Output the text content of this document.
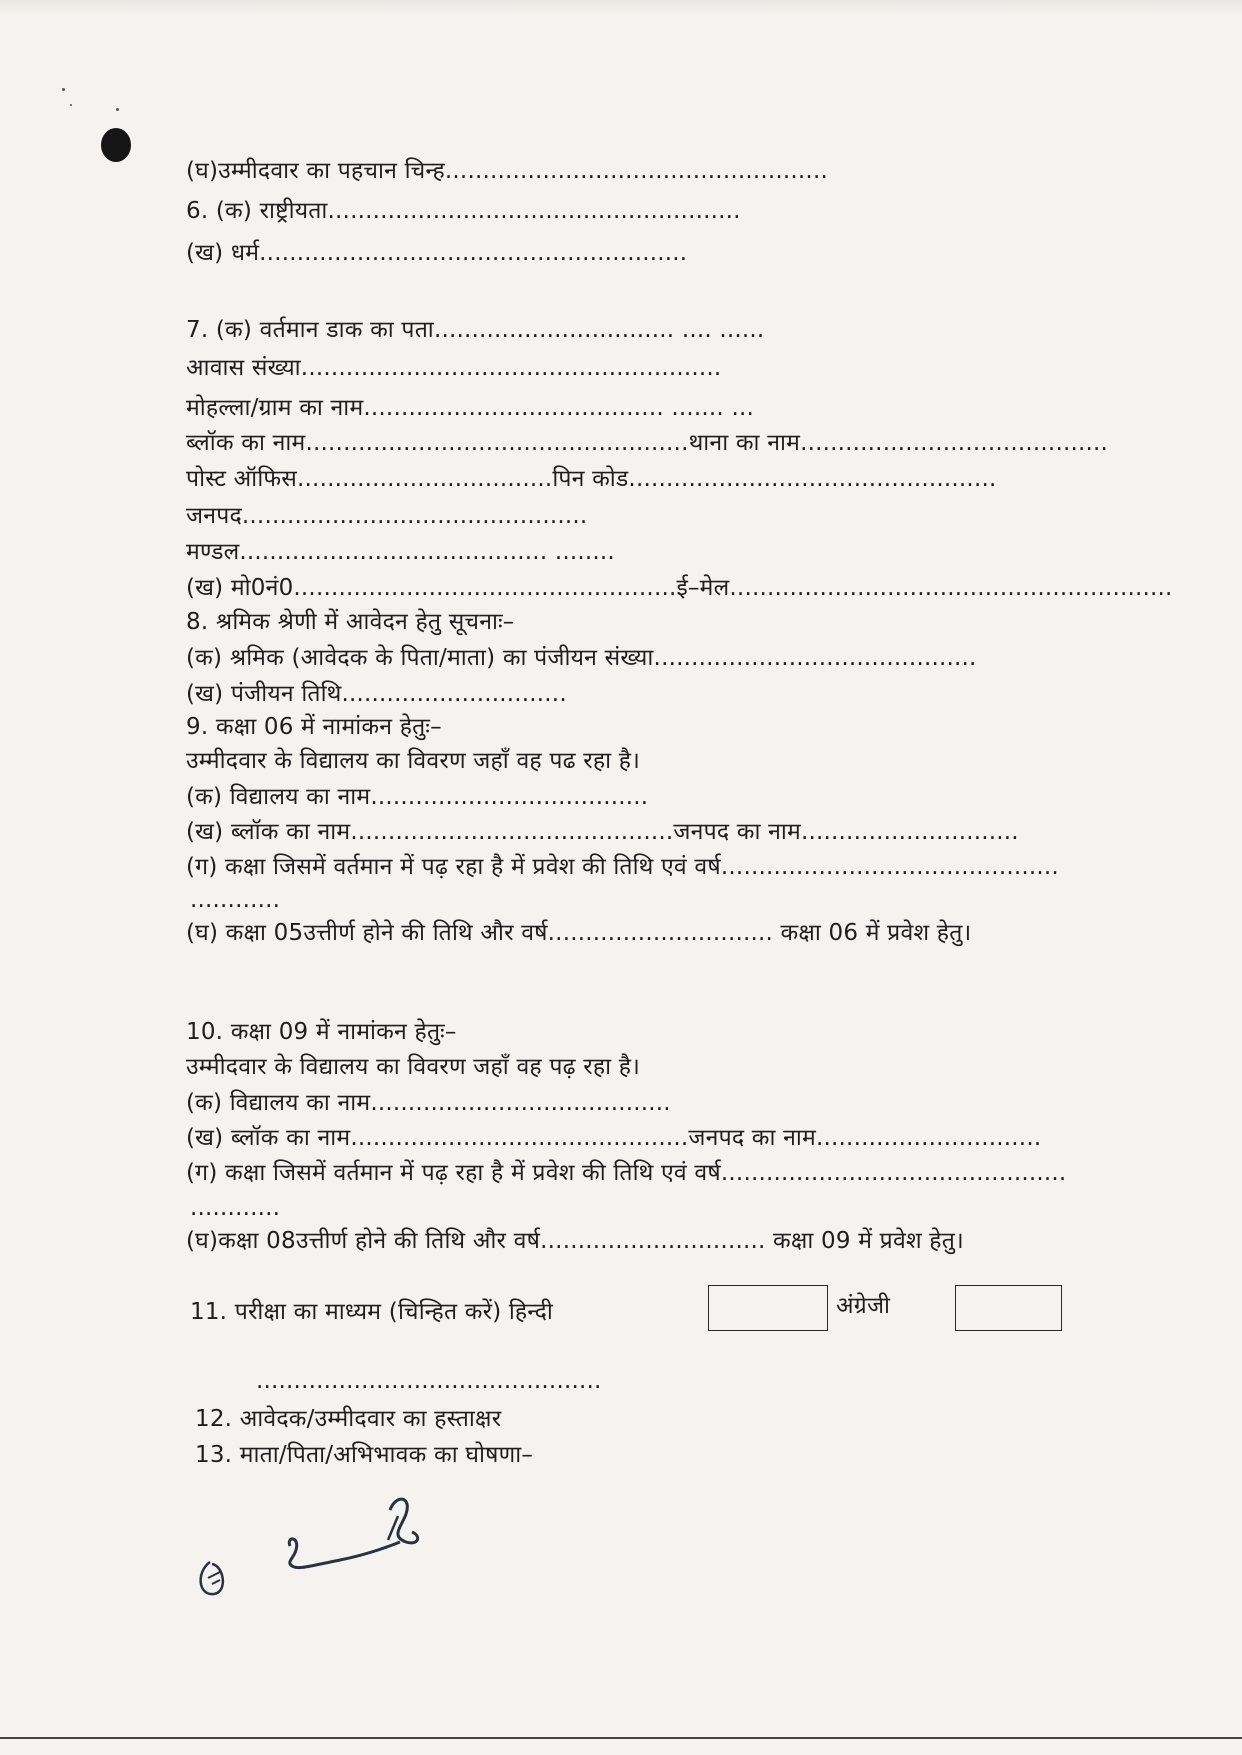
(घ)उम्मीदवार का पहचान चिन्ह...................................................
6. (क) राष्ट्रीयता.......................................................
(ख) धर्म.........................................................
7. (क) वर्तमान डाक का पता................................ .... ......
आवास संख्या........................................................
मोहल्ला/ग्राम का नाम........................................ ....... ...
ब्लॉक का नाम...................................................थाना का नाम.........................................
पोस्ट ऑफिस..................................पिन कोड.................................................
जनपद..............................................
मण्डल......................................... ........
(ख) मो0नं0...................................................ई–मेल...........................................................
8. श्रमिक श्रेणी में आवेदन हेतु सूचनाः–
(क) श्रमिक (आवेदक के पिता/माता) का पंजीयन संख्या...........................................
(ख) पंजीयन तिथि..............................
9. कक्षा 06 में नामांकन हेतुः–
उम्मीदवार के विद्यालय का विवरण जहाँ वह पढ रहा है।
(क) विद्यालय का नाम.....................................
(ख) ब्लॉक का नाम...........................................जनपद का नाम.............................
(ग) कक्षा जिसमें वर्तमान में पढ़ रहा है में प्रवेश की तिथि एवं वर्ष.............................................
............
(घ) कक्षा 05उत्तीर्ण होने की तिथि और वर्ष.............................. कक्षा 06 में प्रवेश हेतु।
10. कक्षा 09 में नामांकन हेतुः–
उम्मीदवार के विद्यालय का विवरण जहाँ वह पढ़ रहा है।
(क) विद्यालय का नाम........................................
(ख) ब्लॉक का नाम.............................................जनपद का नाम..............................
(ग) कक्षा जिसमें वर्तमान में पढ़ रहा है में प्रवेश की तिथि एवं वर्ष..............................................
............
(घ)कक्षा 08उत्तीर्ण होने की तिथि और वर्ष.............................. कक्षा 09 में प्रवेश हेतु।
11. परीक्षा का माध्यम (चिन्हित करें) हिन्दी	अंग्रेजी
..............................................
12. आवेदक/उम्मीदवार का हस्ताक्षर
13. माता/पिता/अभिभावक का घोषणा–
